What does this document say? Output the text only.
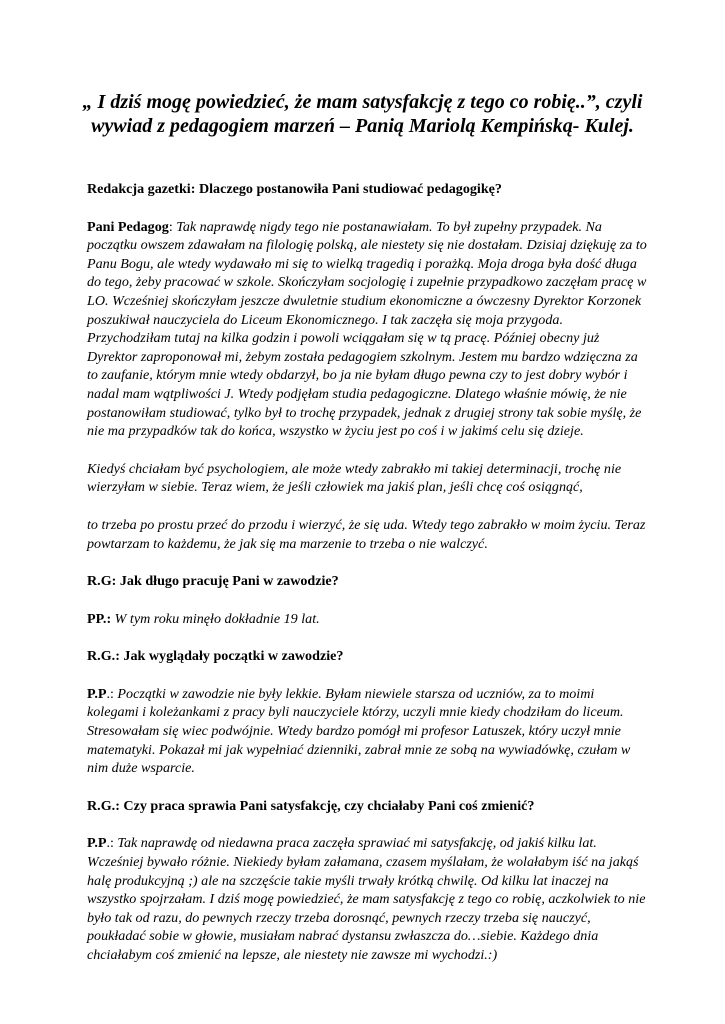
„ I dziś mogę powiedzieć, że mam satysfakcję z tego co robię..”, czyli wywiad z pedagogiem marzeń – Panią Mariolą Kempińską- Kulej.

Redakcja gazetki: Dlaczego postanowiła Pani studiować pedagogikę?

Pani Pedagog: Tak naprawdę nigdy tego nie postanawiałam. To był zupełny przypadek. Na początku owszem zdawałam na filologię polską, ale niestety się nie dostałam. Dzisiaj dziękuję za to Panu Bogu, ale wtedy wydawało mi się to wielką tragedią i porażką. Moja droga była dość długa do tego, żeby pracować w szkole. Skończyłam socjologię i zupełnie przypadkowo zaczęłam pracę w LO. Wcześniej skończyłam jeszcze dwuletnie studium ekonomiczne a ówczesny Dyrektor Korzonek poszukiwał nauczyciela do Liceum Ekonomicznego. I tak zaczęła się moja przygoda. Przychodziłam tutaj na kilka godzin i powoli wciągałam się w tą pracę. Później obecny już Dyrektor zaproponował mi, żebym została pedagogiem szkolnym. Jestem mu bardzo wdzięczna za to zaufanie, którym mnie wtedy obdarzył, bo ja nie byłam długo pewna czy to jest dobry wybór i nadal mam wątpliwości J. Wtedy podjęłam studia pedagogiczne. Dlatego właśnie mówię, że nie postanowiłam studiować, tylko był to trochę przypadek, jednak z drugiej strony tak sobie myślę, że nie ma przypadków tak do końca, wszystko w życiu jest po coś i w jakimś celu się dzieje.

Kiedyś chciałam być psychologiem, ale może wtedy zabrakło mi takiej determinacji, trochę nie wierzyłam w siebie. Teraz wiem, że jeśli człowiek ma jakiś plan, jeśli chcę coś osiągnąć,

to trzeba po prostu przeć do przodu i wierzyć, że się uda. Wtedy tego zabrakło w moim życiu. Teraz powtarzam to każdemu, że jak się ma marzenie to trzeba o nie walczyć.

R.G: Jak długo pracuję Pani w zawodzie?

PP.: W tym roku minęło dokładnie 19 lat.

R.G.: Jak wyglądały początki w zawodzie?

P.P.: Początki w zawodzie nie były lekkie. Byłam niewiele starsza od uczniów, za to moimi kolegami i koleżankami z pracy byli nauczyciele którzy, uczyli mnie kiedy chodziłam do liceum. Stresowałam się wiec podwójnie. Wtedy bardzo pomógł mi profesor Latuszek, który uczył mnie matematyki. Pokazał mi jak wypełniać dzienniki, zabrał mnie ze sobą na wywiadówkę, czułam w nim duże wsparcie.

R.G.: Czy praca sprawia Pani satysfakcję, czy chciałaby Pani coś zmienić?

P.P.: Tak naprawdę od niedawna praca zaczęła sprawiać mi satysfakcję, od jakiś kilku lat. Wcześniej bywało różnie. Niekiedy byłam załamana, czasem myślałam, że wolałabym iść na jakąś halę produkcyjną ;) ale na szczęście takie myśli trwały krótką chwilę. Od kilku lat inaczej na wszystko spojrzałam. I dziś mogę powiedzieć, że mam satysfakcję z tego co robię, aczkolwiek to nie było tak od razu, do pewnych rzeczy trzeba dorosnąć, pewnych rzeczy trzeba się nauczyć, poukładać sobie w głowie, musiałam nabrać dystansu zwłaszcza do…siebie. Każdego dnia chciałabym coś zmienić na lepsze, ale niestety nie zawsze mi wychodzi.:)
